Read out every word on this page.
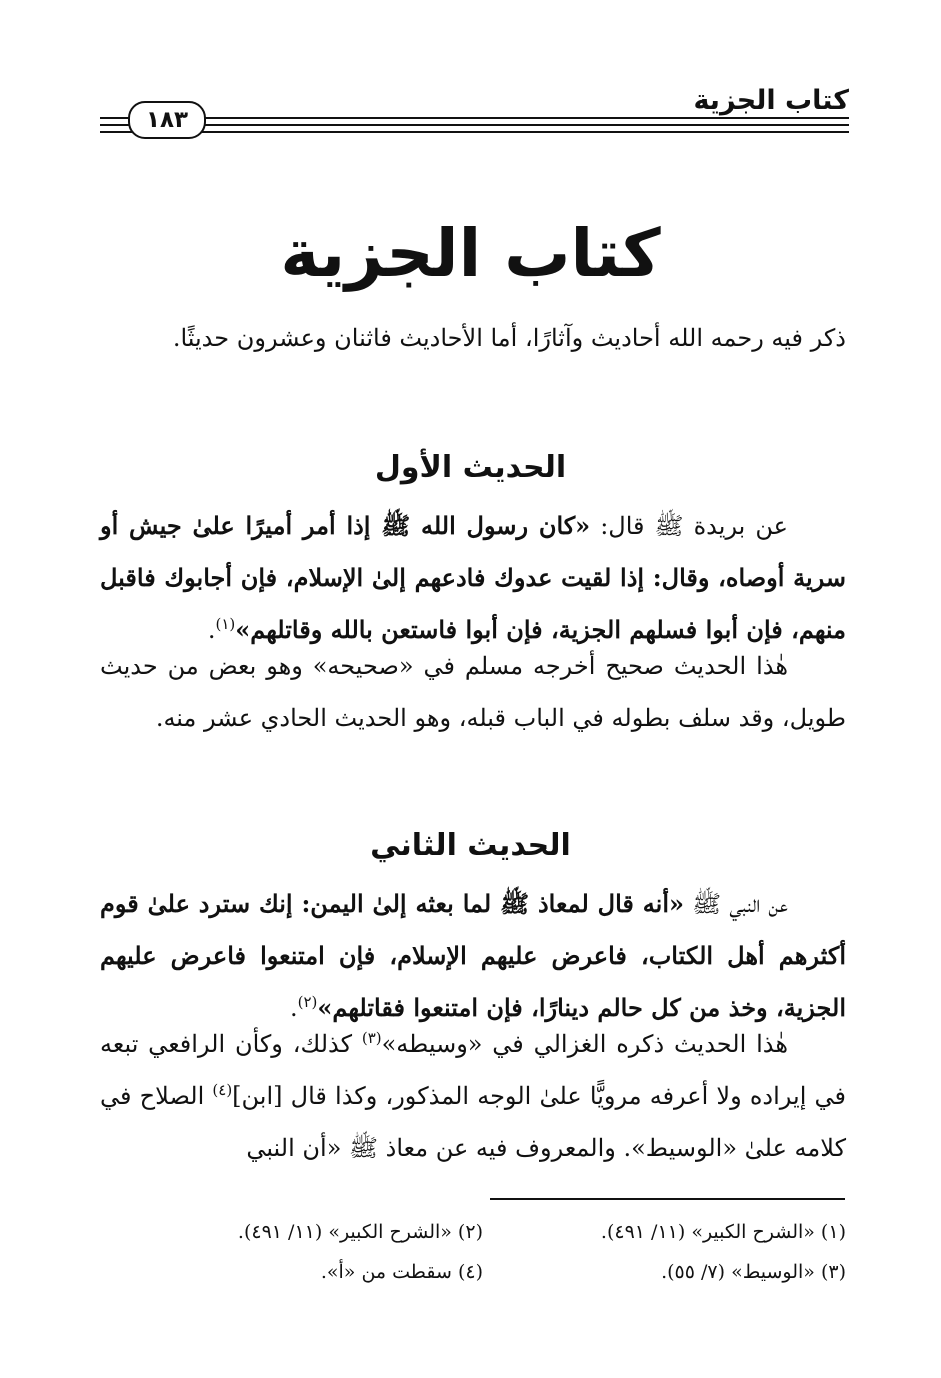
كتاب الجزية
١٨٣
كتاب الجزية
ذكر فيه رحمه الله أحاديث وآثارًا، أما الأحاديث فاثنان وعشرون حديثًا.
الحديث الأول
عن بريدة ﷺ قال: «كان رسول الله ﷺ إذا أمر أميرًا علىٰ جيش أو سرية أوصاه، وقال: إذا لقيت عدوك فادعهم إلىٰ الإسلام، فإن أجابوك فاقبل منهم، فإن أبوا فسلهم الجزية، فإن أبوا فاستعن بالله وقاتلهم»$^{(١)}$.
هٰذا الحديث صحيح أخرجه مسلم في «صحيحه» وهو بعض من حديث طويل، وقد سلف بطوله في الباب قبله، وهو الحديث الحادي عشر منه.
الحديث الثاني
عن النبي ﷺ «أنه قال لمعاذ ﷺ لما بعثه إلىٰ اليمن: إنك سترد علىٰ قوم أكثرهم أهل الكتاب، فاعرض عليهم الإسلام، فإن امتنعوا فاعرض عليهم الجزية، وخذ من كل حالم دينارًا، فإن امتنعوا فقاتلهم»$^{(٢)}$.
هٰذا الحديث ذكره الغزالي في «وسيطه»$^{(٣)}$ كذلك، وكأن الرافعي تبعه في إيراده ولا أعرفه مرويًّا علىٰ الوجه المذكور، وكذا قال [ابن]$^{(٤)}$ الصلاح في كلامه علىٰ «الوسيط». والمعروف فيه عن معاذ ﷺ «أن النبي
(١) «الشرح الكبير» (١١/ ٤٩١).
(٢) «الشرح الكبير» (١١/ ٤٩١).
(٣) «الوسيط» (٧/ ٥٥).
(٤) سقطت من «أ».
